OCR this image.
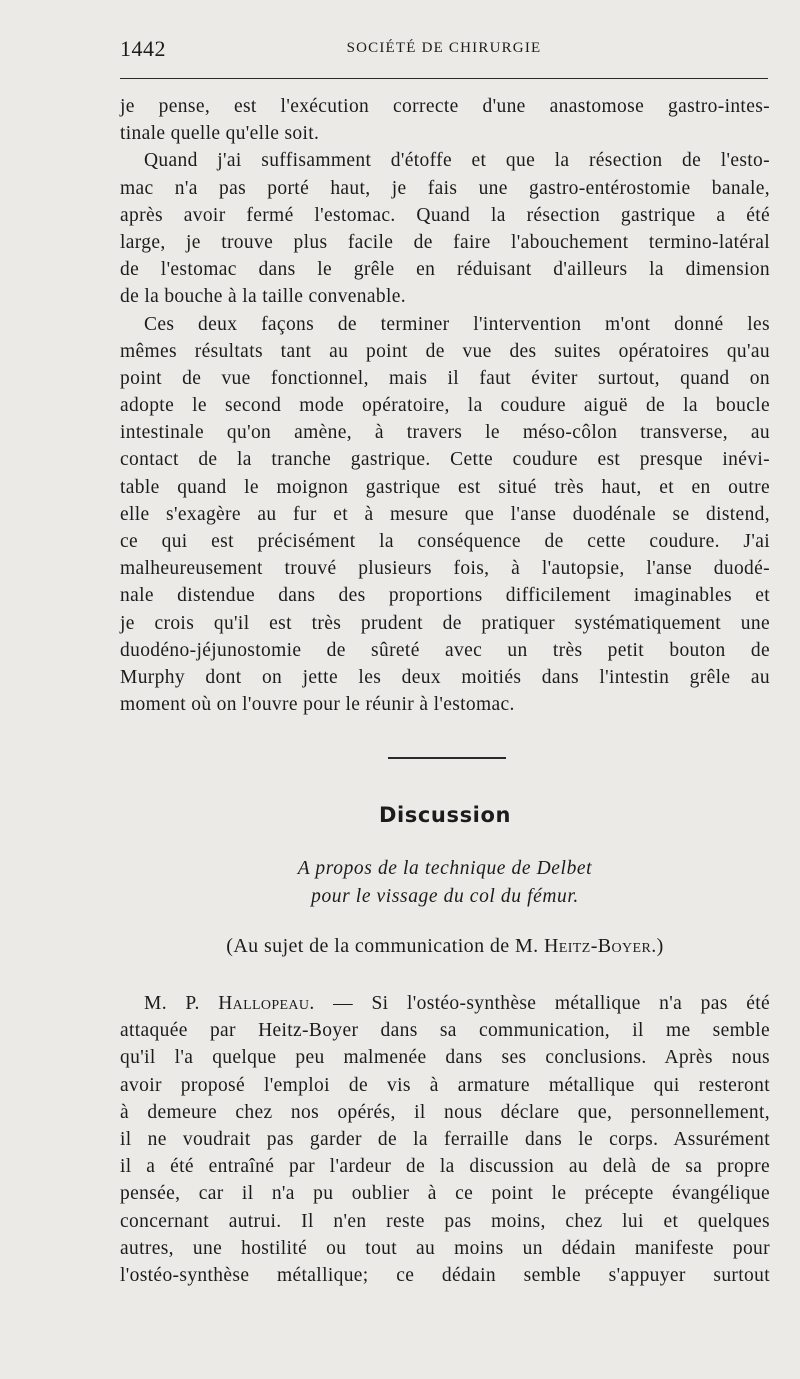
1442	SOCIÉTÉ DE CHIRURGIE
je pense, est l'exécution correcte d'une anastomose gastro-intes-
tinale quelle qu'elle soit.
Quand j'ai suffisamment d'étoffe et que la résection de l'esto-
mac n'a pas porté haut, je fais une gastro-entérostomie banale,
après avoir fermé l'estomac. Quand la résection gastrique a été
large, je trouve plus facile de faire l'abouchement termino-latéral
de l'estomac dans le grêle en réduisant d'ailleurs la dimension
de la bouche à la taille convenable.
Ces deux façons de terminer l'intervention m'ont donné les
mêmes résultats tant au point de vue des suites opératoires qu'au
point de vue fonctionnel, mais il faut éviter surtout, quand on
adopte le second mode opératoire, la coudure aiguë de la boucle
intestinale qu'on amène, à travers le méso-côlon transverse, au
contact de la tranche gastrique. Cette coudure est presque inévi-
table quand le moignon gastrique est situé très haut, et en outre
elle s'exagère au fur et à mesure que l'anse duodénale se distend,
ce qui est précisément la conséquence de cette coudure. J'ai
malheureusement trouvé plusieurs fois, à l'autopsie, l'anse duodé-
nale distendue dans des proportions difficilement imaginables et
je crois qu'il est très prudent de pratiquer systématiquement une
duodéno-jéjunostomie de sûreté avec un très petit bouton de
Murphy dont on jette les deux moitiés dans l'intestin grêle au
moment où on l'ouvre pour le réunir à l'estomac.
Discussion
A propos de la technique de Delbet
pour le vissage du col du fémur.
(Au sujet de la communication de M. Heitz-Boyer.)
M. P. Hallopeau. — Si l'ostéo-synthèse métallique n'a pas été
attaquée par Heitz-Boyer dans sa communication, il me semble
qu'il l'a quelque peu malmenée dans ses conclusions. Après nous
avoir proposé l'emploi de vis à armature métallique qui resteront
à demeure chez nos opérés, il nous déclare que, personnellement,
il ne voudrait pas garder de la ferraille dans le corps. Assurément
il a été entraîné par l'ardeur de la discussion au delà de sa propre
pensée, car il n'a pu oublier à ce point le précepte évangélique
concernant autrui. Il n'en reste pas moins, chez lui et quelques
autres, une hostilité ou tout au moins un dédain manifeste pour
l'ostéo-synthèse métallique; ce dédain semble s'appuyer surtout
